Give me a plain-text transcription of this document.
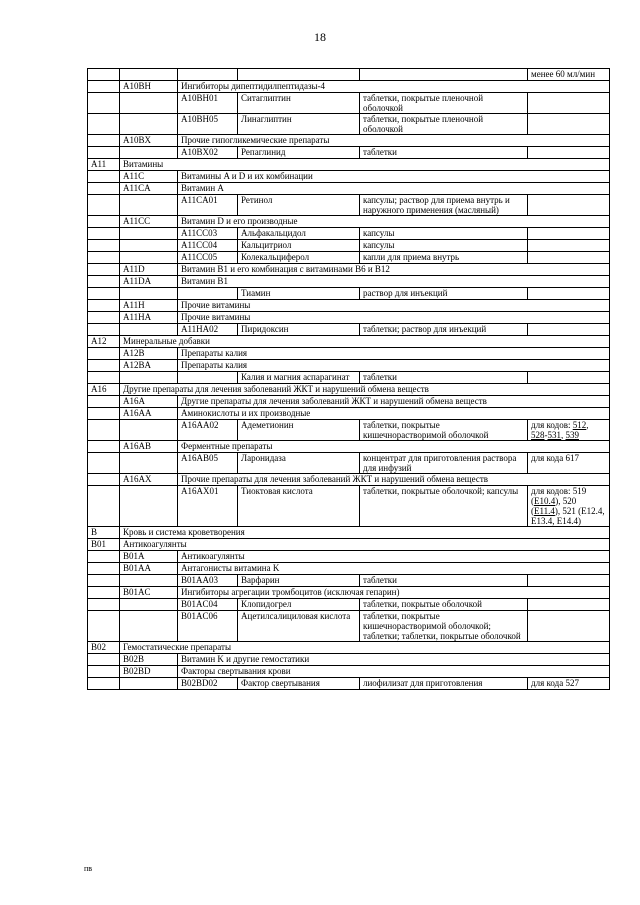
18
					менее 60 мл/мин
	A10BH	Ингибиторы дипептидилпептидазы-4			
		A10BH01	Ситаглиптин	таблетки, покрытые пленочной оболочкой	
		A10BH05	Линаглиптин	таблетки, покрытые пленочной оболочкой	
	A10BX	Прочие гипогликемические препараты			
		A10BX02	Репаглинид	таблетки	
A11	Витамины				
	A11C	Витамины A и D и их комбинации			
	A11CA	Витамин A			
		A11CA01	Ретинол	капсулы; раствор для приема внутрь и наружного применения (масляный)	
	A11CC	Витамин D и его производные			
		A11CC03	Альфакальцидол	капсулы	
		A11CC04	Кальцитриол	капсулы	
		A11CC05	Колекальциферол	капли для приема внутрь	
	A11D	Витамин B1 и его комбинация с витаминами B6 и B12			
	A11DA	Витамин B1			
			Тиамин	раствор для инъекций	
	A11H	Прочие витамины			
	A11HA	Прочие витамины			
		A11HA02	Пиридоксин	таблетки; раствор для инъекций	
A12	Минеральные добавки				
	A12B	Препараты калия			
	A12BA	Препараты калия			
			Калия и магния аспарагинат	таблетки	
A16	Другие препараты для лечения заболеваний ЖКТ и нарушений обмена веществ				
	A16A	Другие препараты для лечения заболеваний ЖКТ и нарушений обмена веществ			
	A16AA	Аминокислоты и их производные			
		A16AA02	Адеметионин	таблетки, покрытые кишечнорастворимой оболочкой	для кодов: 512, 528-531, 539
	A16AB	Ферментные препараты			
		A16AB05	Ларонидаза	концентрат для приготовления раствора для инфузий	для кода 617
	A16AX	Прочие препараты для лечения заболеваний ЖКТ и нарушений обмена веществ			
		A16AX01	Тиоктовая кислота	таблетки, покрытые оболочкой; капсулы	для кодов: 519 (E10.4), 520 (E11.4), 521 (E12.4, E13.4, E14.4)
B	Кровь и система кроветворения				
B01	Антикоагулянты				
	B01A	Антикоагулянты			
	B01AA	Антагонисты витамина K			
		B01AA03	Варфарин	таблетки	
	B01AC	Ингибиторы агрегации тромбоцитов (исключая гепарин)			
		B01AC04	Клопидогрел	таблетки, покрытые оболочкой	
		B01AC06	Ацетилсалициловая кислота	таблетки, покрытые кишечнорастворимой оболочкой; таблетки; таблетки, покрытые оболочкой	
B02	Гемостатические препараты				
	B02B	Витамин K и другие гемостатики			
	B02BD	Факторы свертывания крови			
		B02BD02	Фактор свертывания	лиофилизат для приготовления	для кода 527
пв
